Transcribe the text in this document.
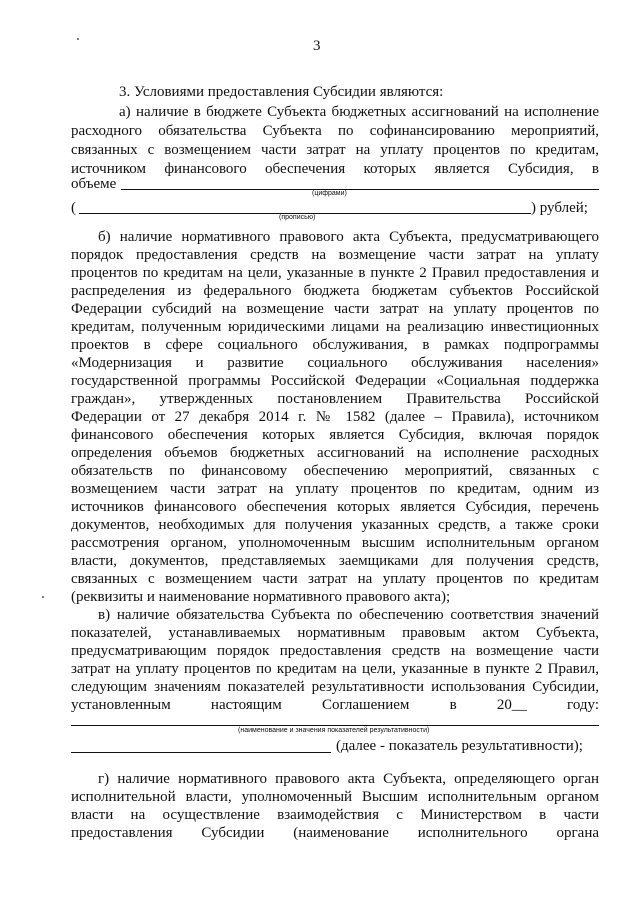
3
3. Условиями предоставления Субсидии являются:
а) наличие в бюджете Субъекта бюджетных ассигнований на исполнение
расходного обязательства Субъекта по софинансированию мероприятий,
связанных с возмещением части затрат на уплату процентов по кредитам,
источником финансового обеспечения которых является Субсидия, в
объеме
(цифрами)
(	) рублей;
(прописью)
б) наличие нормативного правового акта Субъекта, предусматривающего
порядок предоставления средств на возмещение части затрат на уплату
процентов по кредитам на цели, указанные в пункте 2 Правил предоставления и
распределения из федерального бюджета бюджетам субъектов Российской
Федерации субсидий на возмещение части затрат на уплату процентов по
кредитам, полученным юридическими лицами на реализацию инвестиционных
проектов в сфере социального обслуживания, в рамках подпрограммы
«Модернизация и развитие социального обслуживания населения»
государственной программы Российской Федерации «Социальная поддержка
граждан», утвержденных постановлением Правительства Российской
Федерации от 27 декабря 2014 г. № 1582 (далее – Правила), источником
финансового обеспечения которых является Субсидия, включая порядок
определения объемов бюджетных ассигнований на исполнение расходных
обязательств по финансовому обеспечению мероприятий, связанных с
возмещением части затрат на уплату процентов по кредитам, одним из
источников финансового обеспечения которых является Субсидия, перечень
документов, необходимых для получения указанных средств, а также сроки
рассмотрения органом, уполномоченным высшим исполнительным органом
власти, документов, представляемых заемщиками для получения средств,
связанных с возмещением части затрат на уплату процентов по кредитам
(реквизиты и наименование нормативного правового акта);
в) наличие обязательства Субъекта по обеспечению соответствия значений
показателей, устанавливаемых нормативным правовым актом Субъекта,
предусматривающим порядок предоставления средств на возмещение части
затрат на уплату процентов по кредитам на цели, указанные в пункте 2 Правил,
следующим значениям показателей результативности использования Субсидии,
установленным настоящим Соглашением в 20__ году:
(наименование и значения показателей результативности)
(далее - показатель результативности);
г) наличие нормативного правового акта Субъекта, определяющего орган
исполнительной власти, уполномоченный Высшим исполнительным органом
власти на осуществление взаимодействия с Министерством в части
предоставления Субсидии (наименование исполнительного органа
